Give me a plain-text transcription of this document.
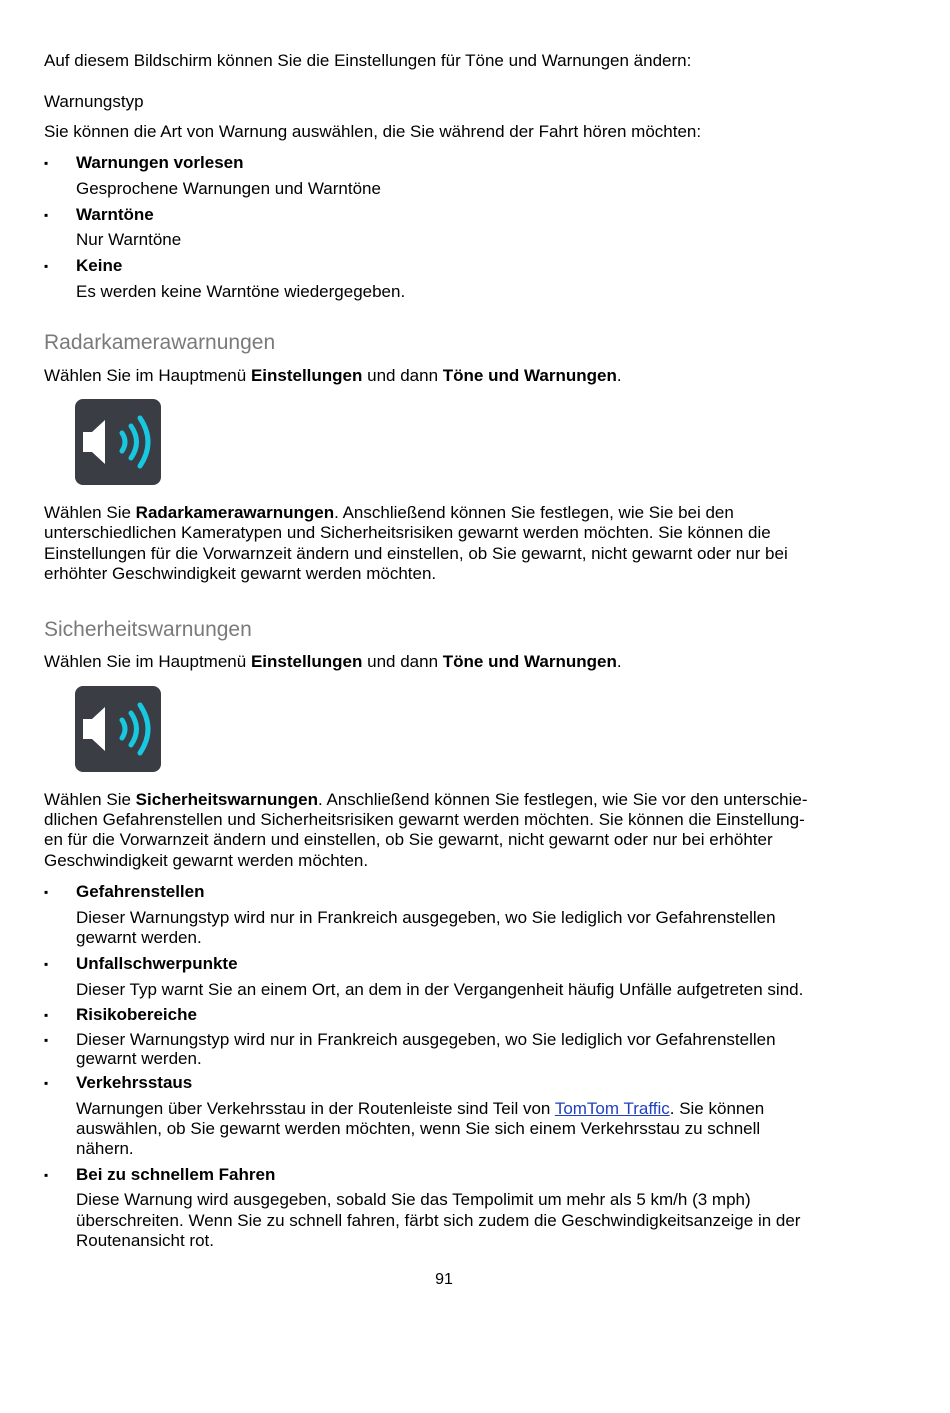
Auf diesem Bildschirm können Sie die Einstellungen für Töne und Warnungen ändern:

Warnungstyp

Sie können die Art von Warnung auswählen, die Sie während der Fahrt hören möchten:

▪ Warnungen vorlesen

Gesprochene Warnungen und Warntöne

▪ Warntöne

Nur Warntöne

▪ Keine

Es werden keine Warntöne wiedergegeben.

Radarkamerawarnungen

Wählen Sie im Hauptmenü Einstellungen und dann Töne und Warnungen.

Wählen Sie Radarkamerawarnungen. Anschließend können Sie festlegen, wie Sie bei den

unterschiedlichen Kameratypen und Sicherheitsrisiken gewarnt werden möchten. Sie können die

Einstellungen für die Vorwarnzeit ändern und einstellen, ob Sie gewarnt, nicht gewarnt oder nur bei

erhöhter Geschwindigkeit gewarnt werden möchten.

Sicherheitswarnungen

Wählen Sie im Hauptmenü Einstellungen und dann Töne und Warnungen.

Wählen Sie Sicherheitswarnungen. Anschließend können Sie festlegen, wie Sie vor den unterschie-

dlichen Gefahrenstellen und Sicherheitsrisiken gewarnt werden möchten. Sie können die Einstellung-

en für die Vorwarnzeit ändern und einstellen, ob Sie gewarnt, nicht gewarnt oder nur bei erhöhter

Geschwindigkeit gewarnt werden möchten.

▪ Gefahrenstellen

Dieser Warnungstyp wird nur in Frankreich ausgegeben, wo Sie lediglich vor Gefahrenstellen

gewarnt werden.

▪ Unfallschwerpunkte

Dieser Typ warnt Sie an einem Ort, an dem in der Vergangenheit häufig Unfälle aufgetreten sind.

▪ Risikobereiche

▪ Dieser Warnungstyp wird nur in Frankreich ausgegeben, wo Sie lediglich vor Gefahrenstellen

gewarnt werden.

▪ Verkehrsstaus

Warnungen über Verkehrsstau in der Routenleiste sind Teil von TomTom Traffic. Sie können

auswählen, ob Sie gewarnt werden möchten, wenn Sie sich einem Verkehrsstau zu schnell

nähern.

▪ Bei zu schnellem Fahren

Diese Warnung wird ausgegeben, sobald Sie das Tempolimit um mehr als 5 km/h (3 mph)

überschreiten. Wenn Sie zu schnell fahren, färbt sich zudem die Geschwindigkeitsanzeige in der

Routenansicht rot.

91
